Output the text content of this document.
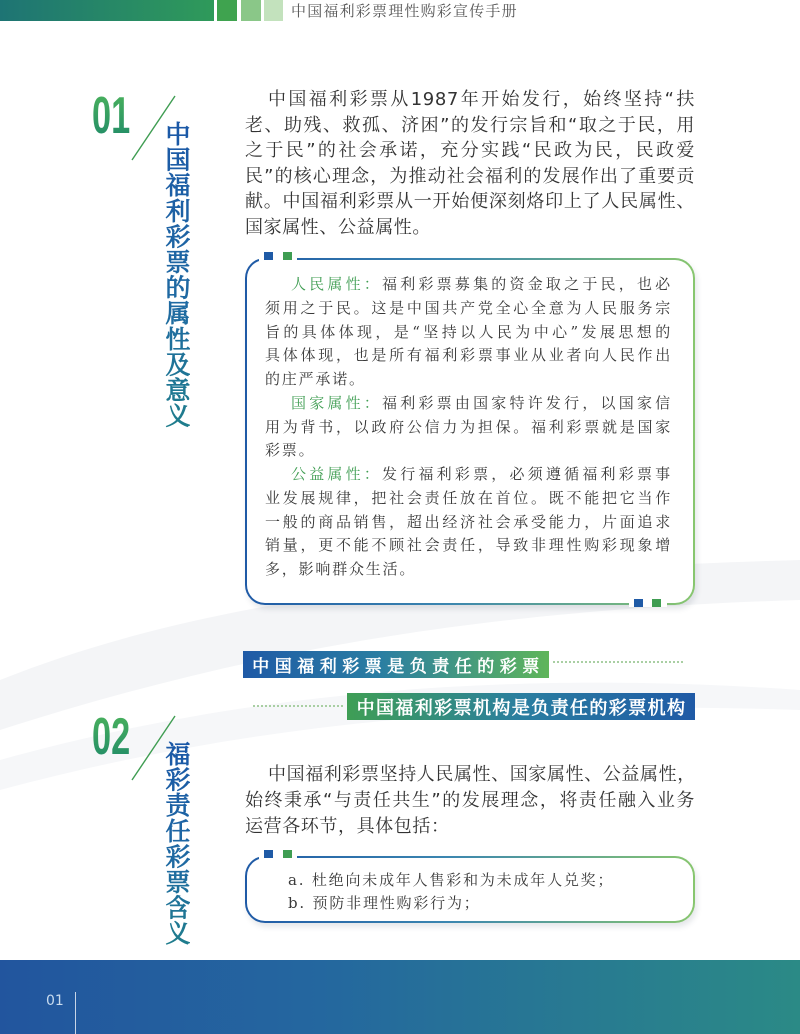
中国福利彩票理性购彩宣传手册
01
中国福利彩票的属性及意义
中国福利彩票从1987年开始发行，始终坚持“扶
老、助残、救孤、济困”的发行宗旨和“取之于民，用
之于民”的社会承诺，充分实践“民政为民，民政爱
民”的核心理念，为推动社会福利的发展作出了重要贡
献。中国福利彩票从一开始便深刻烙印上了人民属性、
国家属性、公益属性。
人民属性：福利彩票募集的资金取之于民，也必
须用之于民。这是中国共产党全心全意为人民服务宗
旨的具体体现，是“坚持以人民为中心”发展思想的
具体体现，也是所有福利彩票事业从业者向人民作出
的庄严承诺。
国家属性：福利彩票由国家特许发行，以国家信
用为背书，以政府公信力为担保。福利彩票就是国家
彩票。
公益属性：发行福利彩票，必须遵循福利彩票事
业发展规律，把社会责任放在首位。既不能把它当作
一般的商品销售，超出经济社会承受能力，片面追求
销量，更不能不顾社会责任，导致非理性购彩现象增
多，影响群众生活。
中国福利彩票是负责任的彩票
中国福利彩票机构是负责任的彩票机构
02
福彩责任彩票含义	中国福利彩票坚持人民属性、国家属性、公益属性，
始终秉承“与责任共生”的发展理念，将责任融入业务
运营各环节，具体包括：
a. 杜绝向未成年人售彩和为未成年人兑奖；
b. 预防非理性购彩行为；
01
